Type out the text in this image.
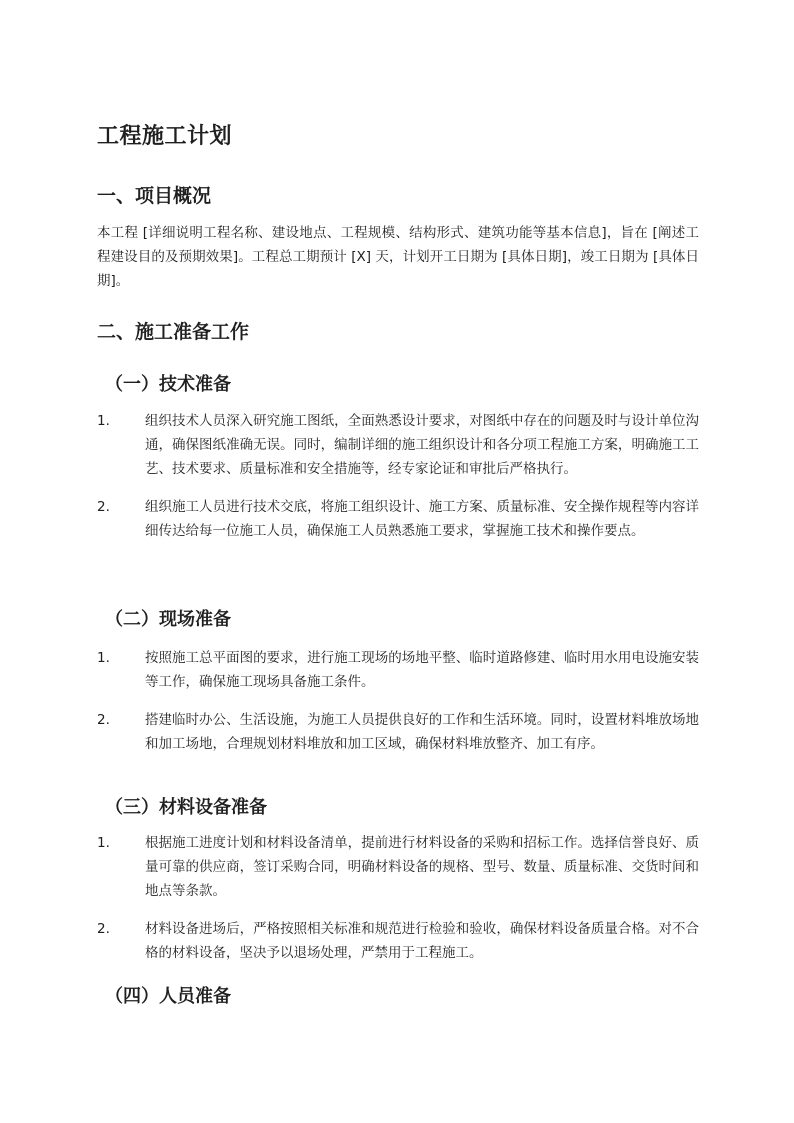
工程施工计划
一、项目概况

本工程 [详细说明工程名称、建设地点、工程规模、结构形式、建筑功能等基本信息]，旨在 [阐述工程建设目的及预期效果]。工程总工期预计 [X] 天，计划开工日期为 [具体日期]，竣工日期为 [具体日期]。

二、施工准备工作
（一）技术准备
1.	组织技术人员深入研究施工图纸，全面熟悉设计要求，对图纸中存在的问题及时与设计单位沟通，确保图纸准确无误。同时，编制详细的施工组织设计和各分项工程施工方案，明确施工工艺、技术要求、质量标准和安全措施等，经专家论证和审批后严格执行。
2.	组织施工人员进行技术交底，将施工组织设计、施工方案、质量标准、安全操作规程等内容详细传达给每一位施工人员，确保施工人员熟悉施工要求，掌握施工技术和操作要点。
（二）现场准备
1.	按照施工总平面图的要求，进行施工现场的场地平整、临时道路修建、临时用水用电设施安装等工作，确保施工现场具备施工条件。
2.	搭建临时办公、生活设施，为施工人员提供良好的工作和生活环境。同时，设置材料堆放场地和加工场地，合理规划材料堆放和加工区域，确保材料堆放整齐、加工有序。
（三）材料设备准备
1.	根据施工进度计划和材料设备清单，提前进行材料设备的采购和招标工作。选择信誉良好、质量可靠的供应商，签订采购合同，明确材料设备的规格、型号、数量、质量标准、交货时间和地点等条款。
2.	材料设备进场后，严格按照相关标准和规范进行检验和验收，确保材料设备质量合格。对不合格的材料设备，坚决予以退场处理，严禁用于工程施工。
（四）人员准备
